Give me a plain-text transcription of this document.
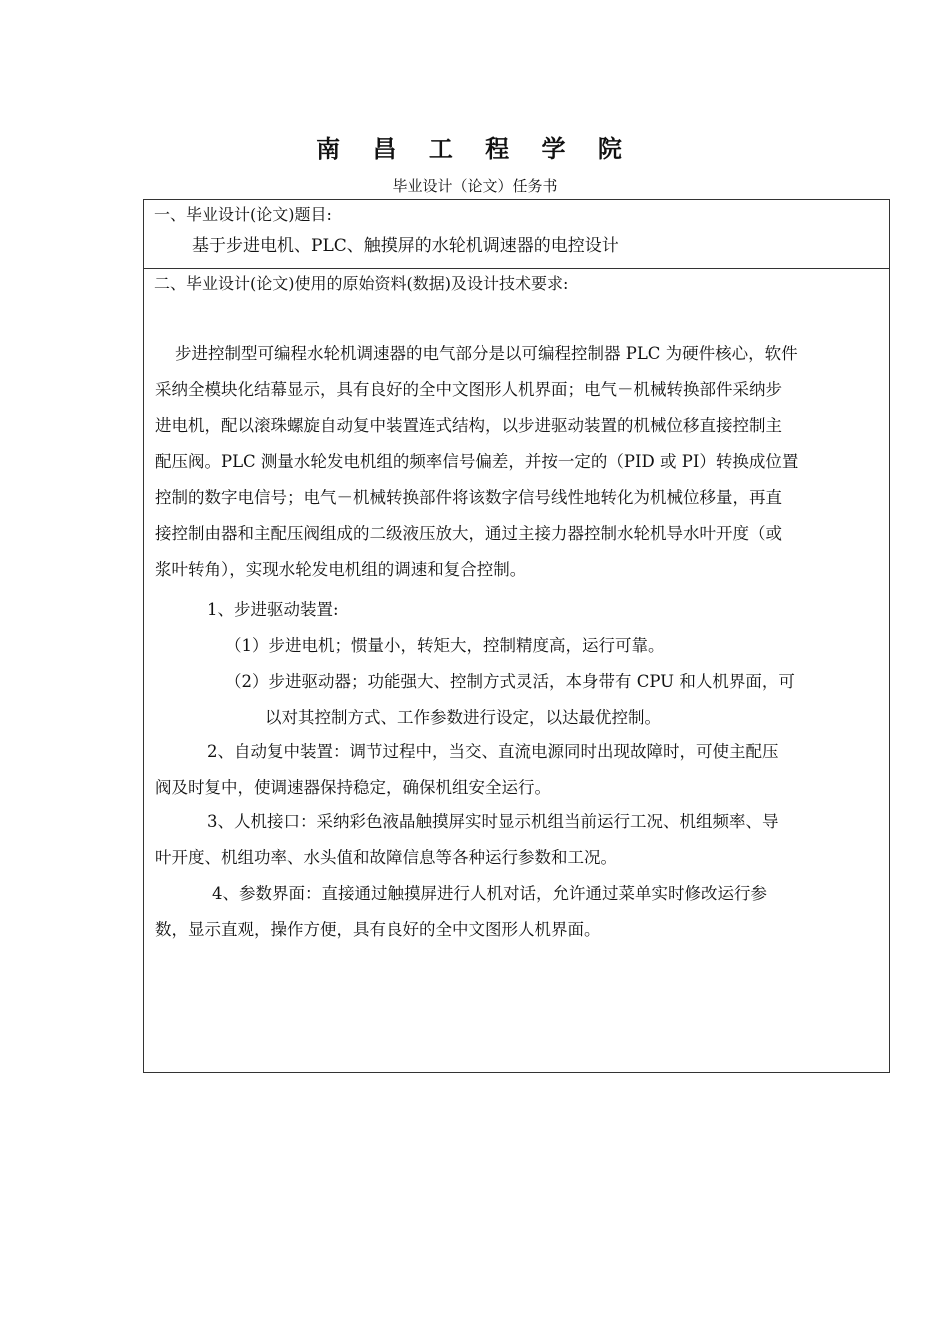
南 昌 工 程 学 院
毕业设计（论文）任务书
一、毕业设计(论文)题目:
基于步进电机、PLC、触摸屏的水轮机调速器的电控设计
二、毕业设计(论文)使用的原始资料(数据)及设计技术要求:
步进控制型可编程水轮机调速器的电气部分是以可编程控制器 PLC 为硬件核心，软件
采纳全模块化结幕显示，具有良好的全中文图形人机界面；电气－机械转换部件采纳步
进电机，配以滚珠螺旋自动复中装置连式结构，以步进驱动装置的机械位移直接控制主
配压阀。PLC 测量水轮发电机组的频率信号偏差，并按一定的（PID 或 PI）转换成位置
控制的数字电信号；电气－机械转换部件将该数字信号线性地转化为机械位移量，再直
接控制由器和主配压阀组成的二级液压放大，通过主接力器控制水轮机导水叶开度（或
浆叶转角），实现水轮发电机组的调速和复合控制。
1、步进驱动装置:
（1）步进电机；惯量小，转矩大，控制精度高，运行可靠。
（2）步进驱动器；功能强大、控制方式灵活，本身带有 CPU 和人机界面，可
以对其控制方式、工作参数进行设定，以达最优控制。
2、自动复中装置：调节过程中，当交、直流电源同时出现故障时，可使主配压
阀及时复中，使调速器保持稳定，确保机组安全运行。
3、人机接口：采纳彩色液晶触摸屏实时显示机组当前运行工况、机组频率、导
叶开度、机组功率、水头值和故障信息等各种运行参数和工况。
4、参数界面：直接通过触摸屏进行人机对话，允许通过菜单实时修改运行参
数，显示直观，操作方便，具有良好的全中文图形人机界面。
